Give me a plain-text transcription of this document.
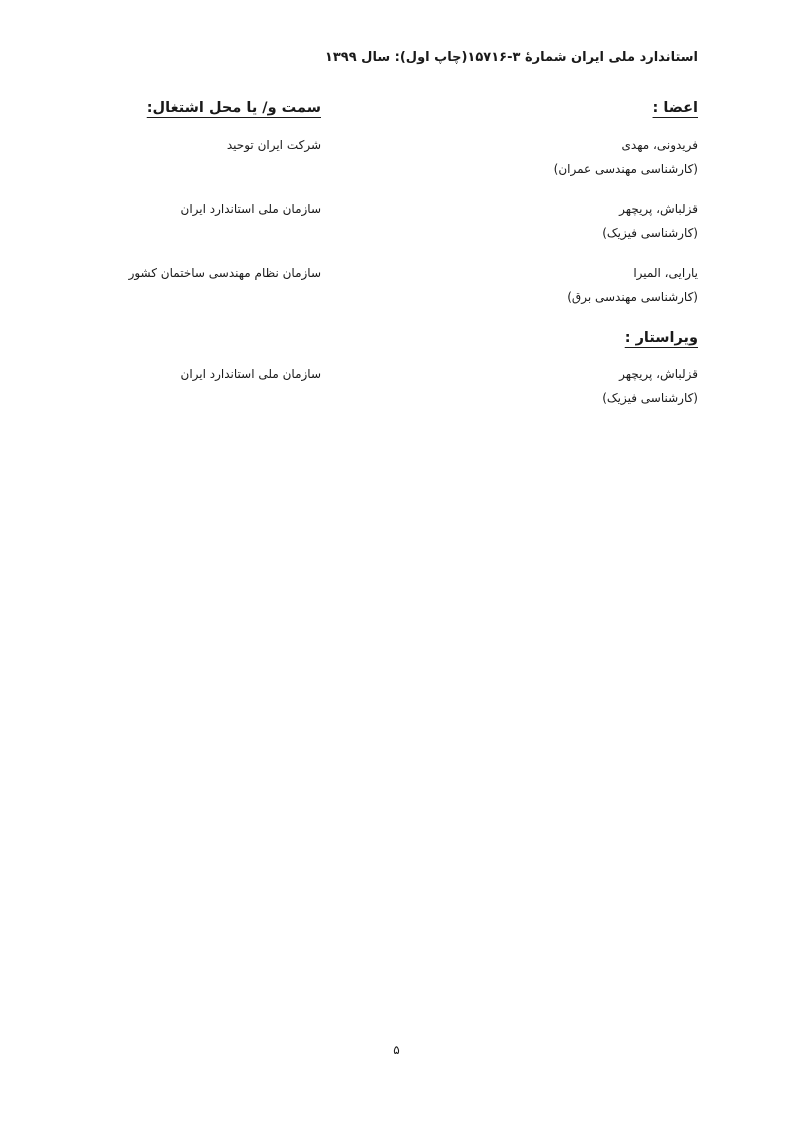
استاندارد ملی ایران شمارۀ ۳-۱۵۷۱۶(چاپ اول): سال ۱۳۹۹
اعضا :
سمت و/ یا محل اشتغال:
فریدونی، مهدی
(کارشناسی مهندسی عمران)
شرکت ایران توحید
قزلباش، پریچهر
(کارشناسی فیزیک)
سازمان ملی استاندارد ایران
یارایی، المیرا
(کارشناسی مهندسی برق)
سازمان نظام مهندسی ساختمان کشور
ویراستار :
قزلباش، پریچهر
(کارشناسی فیزیک)
سازمان ملی استاندارد ایران
۵
